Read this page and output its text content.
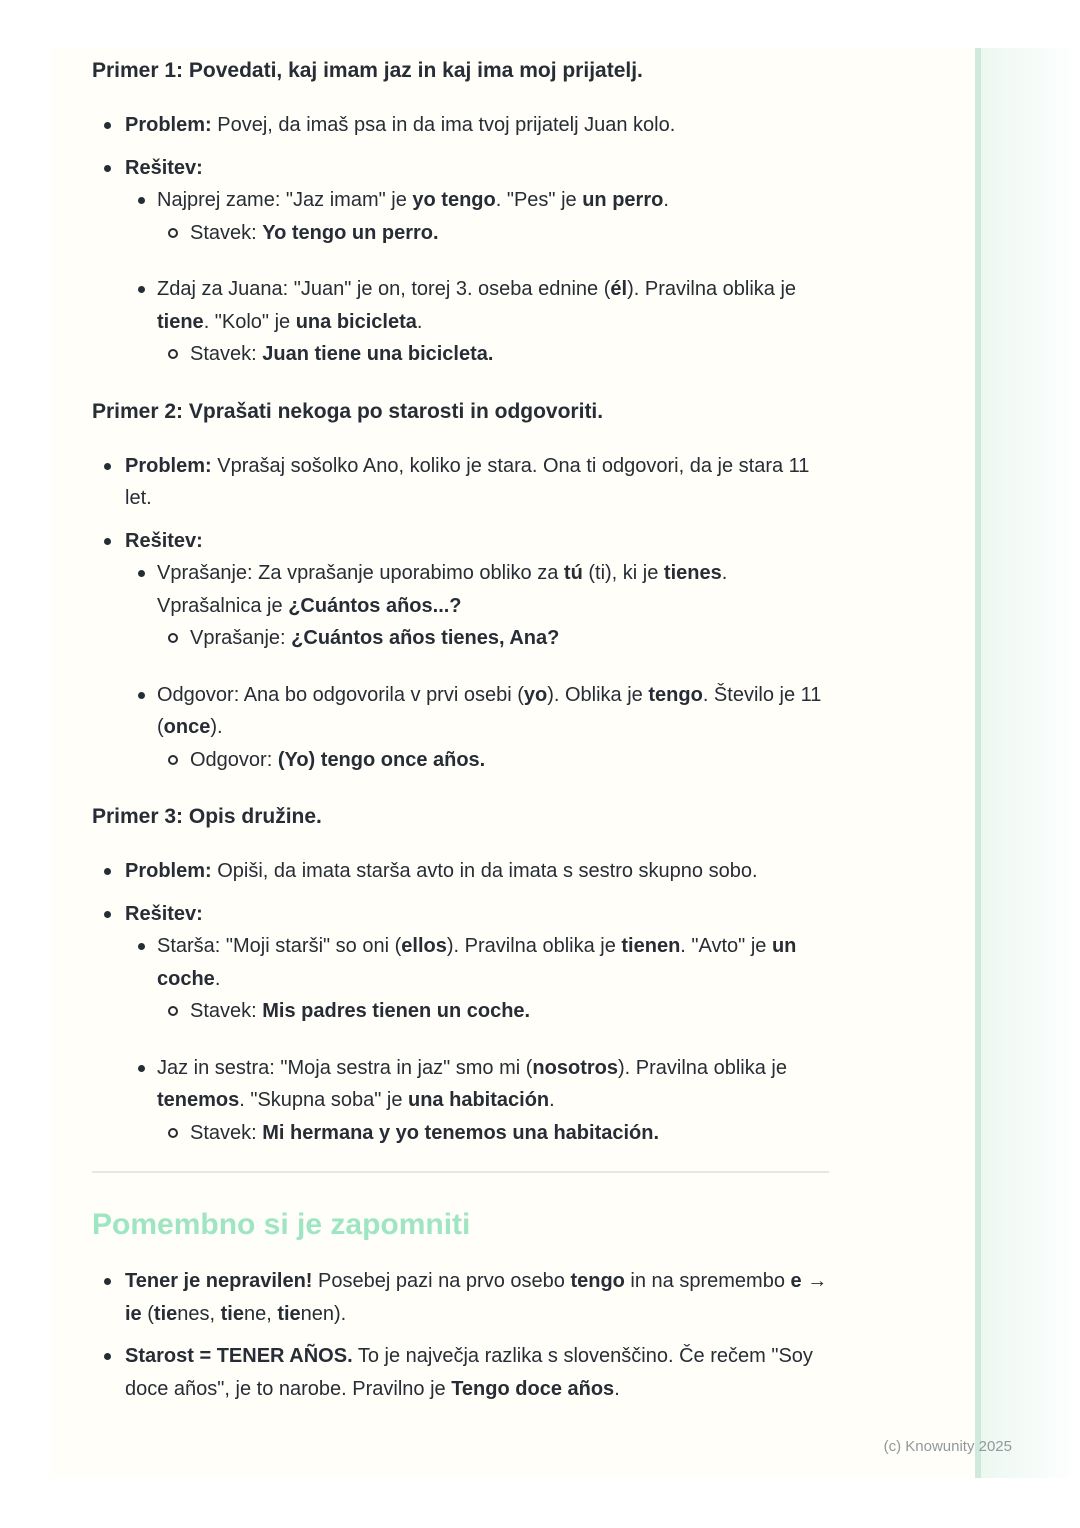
Primer 1: Povedati, kaj imam jaz in kaj ima moj prijatelj.
Problem: Povej, da imaš psa in da ima tvoj prijatelj Juan kolo.
Rešitev:
Najprej zame: "Jaz imam" je yo tengo. "Pes" je un perro.
Stavek: Yo tengo un perro.
Zdaj za Juana: "Juan" je on, torej 3. oseba ednine (él). Pravilna oblika je
tiene. "Kolo" je una bicicleta.
Stavek: Juan tiene una bicicleta.
Primer 2: Vprašati nekoga po starosti in odgovoriti.
Problem: Vprašaj sošolko Ano, koliko je stara. Ona ti odgovori, da je stara 11
let.
Rešitev:
Vprašanje: Za vprašanje uporabimo obliko za tú (ti), ki je tienes.
Vprašalnica je ¿Cuántos años...?
Vprašanje: ¿Cuántos años tienes, Ana?
Odgovor: Ana bo odgovorila v prvi osebi (yo). Oblika je tengo. Število je 11
(once).
Odgovor: (Yo) tengo once años.
Primer 3: Opis družine.
Problem: Opiši, da imata starša avto in da imata s sestro skupno sobo.
Rešitev:
Starša: "Moji starši" so oni (ellos). Pravilna oblika je tienen. "Avto" je un
coche.
Stavek: Mis padres tienen un coche.
Jaz in sestra: "Moja sestra in jaz" smo mi (nosotros). Pravilna oblika je
tenemos. "Skupna soba" je una habitación.
Stavek: Mi hermana y yo tenemos una habitación.
Pomembno si je zapomniti
Tener je nepravilen! Posebej pazi na prvo osebo tengo in na spremembo e →
ie (tienes, tiene, tienen).
Starost = TENER AÑOS. To je največja razlika s slovenščino. Če rečem "Soy
doce años", je to narobe. Pravilno je Tengo doce años.
(c) Knowunity 2025
